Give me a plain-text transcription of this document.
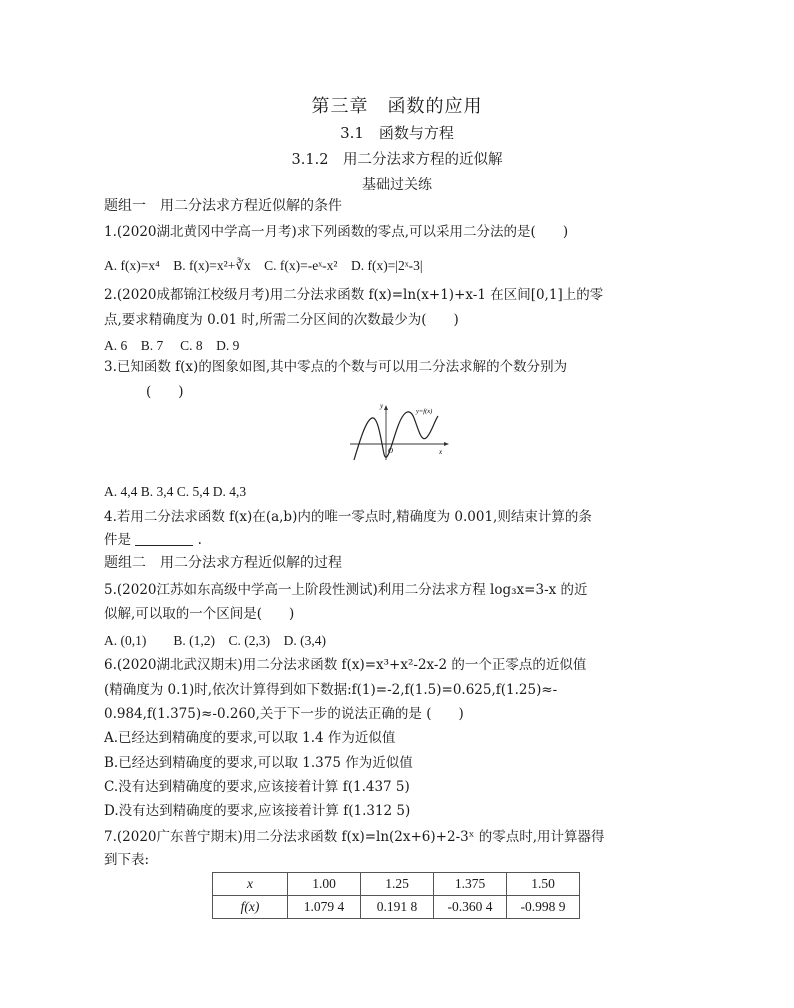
第三章　函数的应用
3.1　函数与方程
3.1.2　用二分法求方程的近似解
基础过关练
题组一　用二分法求方程近似解的条件
1.(2020湖北黄冈中学高一月考)求下列函数的零点,可以采用二分法的是(　　)
A. f(x)=x⁴　B. f(x)=x²+∛x　C. f(x)=-eˣ-x²　D. f(x)=|2ˣ-3|
2.(2020成都锦江校级月考)用二分法求函数 f(x)=ln(x+1)+x-1 在区间[0,1]上的零
点,要求精确度为 0.01 时,所需二分区间的次数最少为(　　)
A. 6　B. 7　 C. 8　D. 9
3.已知函数 f(x)的图象如图,其中零点的个数与可以用二分法求解的个数分别为
(　　)
y
x
O
y=f(x)
A. 4,4 B. 3,4 C. 5,4 D. 4,3
4.若用二分法求函数 f(x)在(a,b)内的唯一零点时,精确度为 0.001,则结束计算的条
件是	.
题组二　用二分法求方程近似解的过程
5.(2020江苏如东高级中学高一上阶段性测试)利用二分法求方程 log₃x=3-x 的近
似解,可以取的一个区间是(　　)
A. (0,1)　　B. (1,2)　C. (2,3)　D. (3,4)
6.(2020湖北武汉期末)用二分法求函数 f(x)=x³+x²-2x-2 的一个正零点的近似值
(精确度为 0.1)时,依次计算得到如下数据:f(1)=-2,f(1.5)=0.625,f(1.25)≈-
0.984,f(1.375)≈-0.260,关于下一步的说法正确的是 (　　)
A.已经达到精确度的要求,可以取 1.4 作为近似值
B.已经达到精确度的要求,可以取 1.375 作为近似值
C.没有达到精确度的要求,应该接着计算 f(1.437 5)
D.没有达到精确度的要求,应该接着计算 f(1.312 5)
7.(2020广东普宁期末)用二分法求函数 f(x)=ln(2x+6)+2-3ˣ 的零点时,用计算器得
到下表:
x	1.00	1.25	1.375	1.50
f(x)	1.079 4	0.191 8	-0.360 4	-0.998 9
